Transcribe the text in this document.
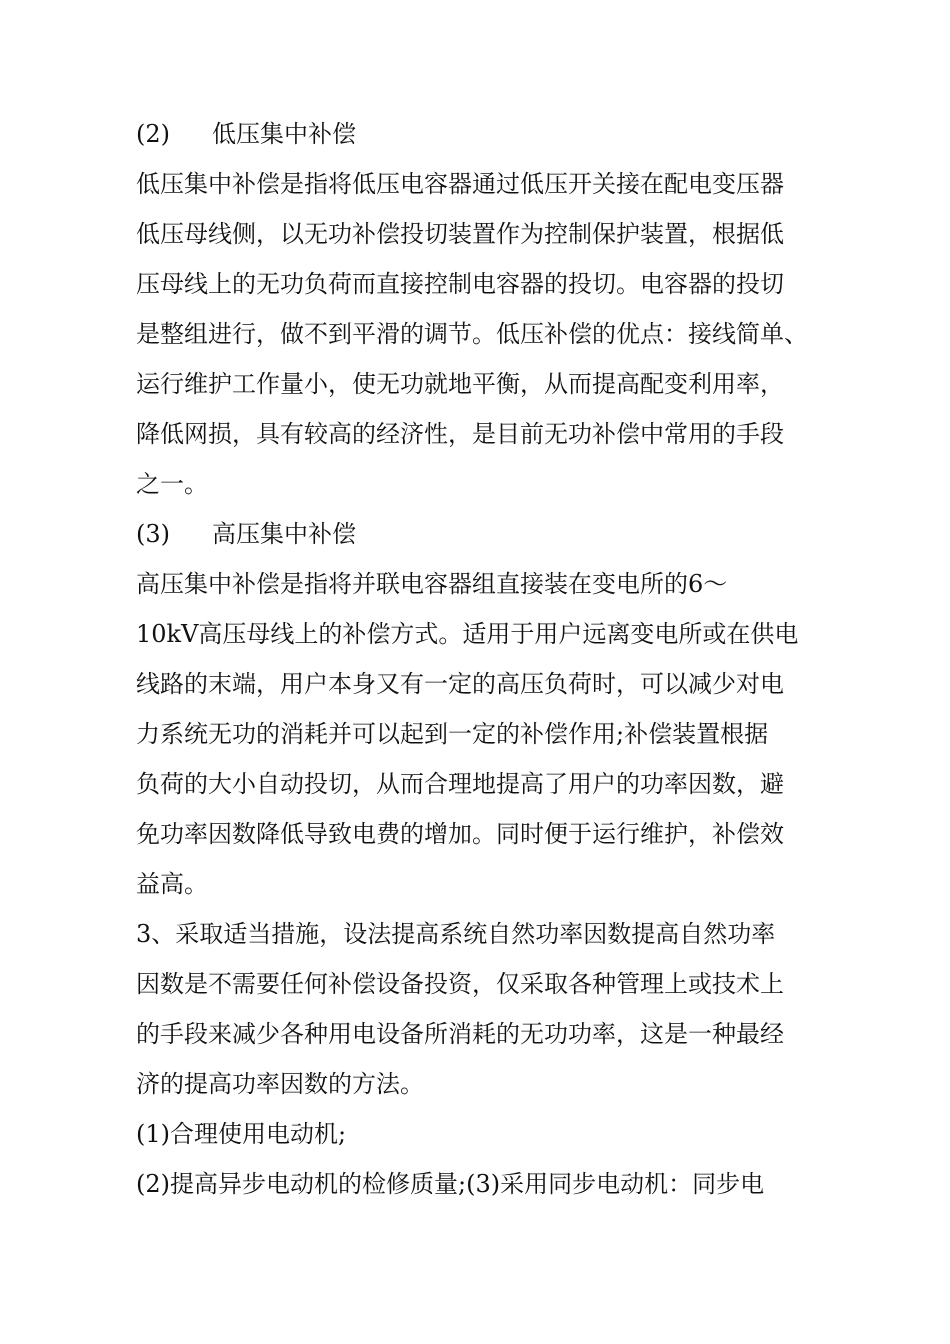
(2) 低压集中补偿
低压集中补偿是指将低压电容器通过低压开关接在配电变压器
低压母线侧，以无功补偿投切装置作为控制保护装置，根据低
压母线上的无功负荷而直接控制电容器的投切。电容器的投切
是整组进行，做不到平滑的调节。低压补偿的优点：接线简单、
运行维护工作量小，使无功就地平衡，从而提高配变利用率，
降低网损，具有较高的经济性，是目前无功补偿中常用的手段
之一。
(3) 高压集中补偿
高压集中补偿是指将并联电容器组直接装在变电所的6～
10kV高压母线上的补偿方式。适用于用户远离变电所或在供电
线路的末端，用户本身又有一定的高压负荷时，可以减少对电
力系统无功的消耗并可以起到一定的补偿作用;补偿装置根据
负荷的大小自动投切，从而合理地提高了用户的功率因数，避
免功率因数降低导致电费的增加。同时便于运行维护，补偿效
益高。
3、采取适当措施，设法提高系统自然功率因数提高自然功率
因数是不需要任何补偿设备投资，仅采取各种管理上或技术上
的手段来减少各种用电设备所消耗的无功功率，这是一种最经
济的提高功率因数的方法。
(1)合理使用电动机;
(2)提高异步电动机的检修质量;(3)采用同步电动机：同步电
